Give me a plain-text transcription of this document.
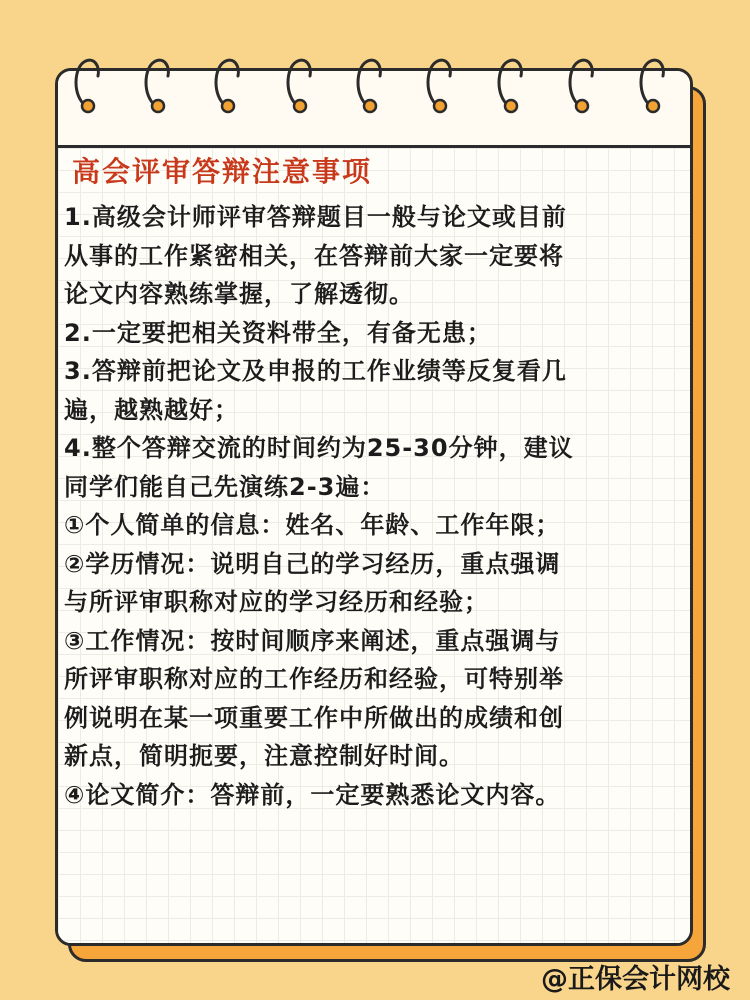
高会评审答辩注意事项
1.高级会计师评审答辩题目一般与论文或目前
从事的工作紧密相关，在答辩前大家一定要将
论文内容熟练掌握，了解透彻。
2.一定要把相关资料带全，有备无患；
3.答辩前把论文及申报的工作业绩等反复看几
遍，越熟越好；
4.整个答辩交流的时间约为25-30分钟，建议
同学们能自己先演练2-3遍：
①个人简单的信息：姓名、年龄、工作年限；
②学历情况：说明自己的学习经历，重点强调
与所评审职称对应的学习经历和经验；
③工作情况：按时间顺序来阐述，重点强调与
所评审职称对应的工作经历和经验，可特别举
例说明在某一项重要工作中所做出的成绩和创
新点，简明扼要，注意控制好时间。
④论文简介：答辩前，一定要熟悉论文内容。
@正保会计网校
